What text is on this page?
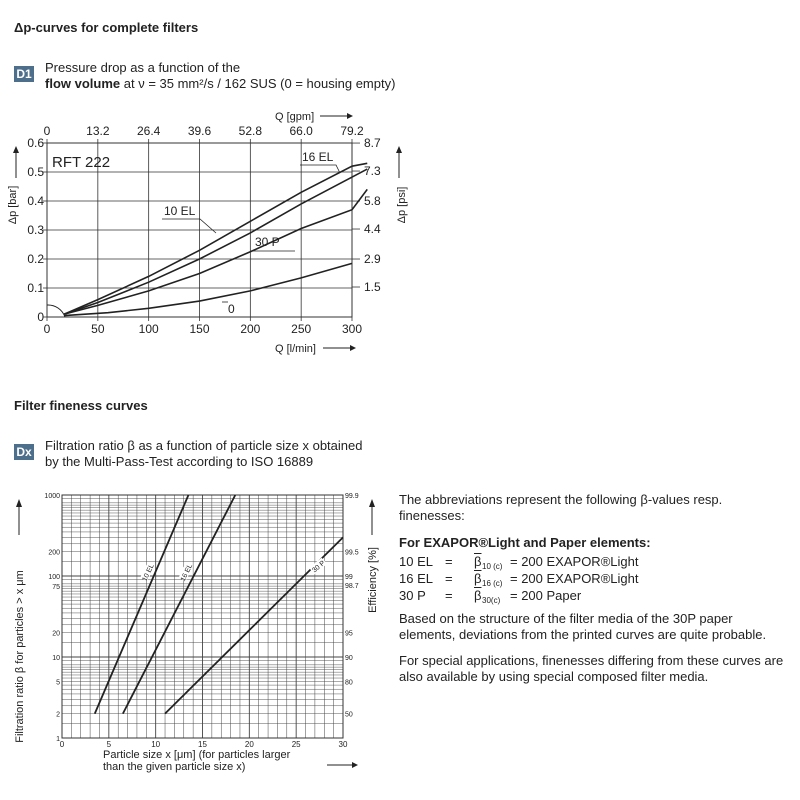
Δp-curves for complete filters
D1 Pressure drop as a function of the
flow volume at ν = 35 mm²/s / 162 SUS (0 = housing empty)
0
0
50
13.2
100
26.4
150
39.6
200
52.8
250
66.0
300
79.2
0
0.1
0.2
0.3
0.4
0.5
0.6
1.5
2.9
4.4
5.8
7.3
8.7
0
30 P
10 EL
16 EL
RFT 222
Q [l/min]
Q [gpm]
Δp [bar]	Δp [psi]
Filter fineness curves
Dx Filtration ratio β as a function of particle size x obtained
by the Multi-Pass-Test according to ISO 16889
0	5	10	15	20	25	30
1
2
5
10
20
75
100
200
1000
50
80
90
95
98.7
99
99.5
99.9
10 EL	16 EL	30 P
Particle size x [μm] (for particles larger
than the given particle size x)
Filtration ratio β for particles > x μm	Efficiency [%]
The abbreviations represent the following β-values resp.
finenesses:
For EXAPOR®Light and Paper elements:
10 EL = $\overline{\beta}$ 10 (c) = 200 EXAPOR®Light
16 EL = $\overline{\beta}$ 16 (c) = 200 EXAPOR®Light
30 $P = \overline{\beta}$ 30(c) = 200 Paper
Based on the structure of the filter media of the 30P paper
elements, deviations from the printed curves are quite probable.
For special applications, finenesses differing from these curves are
also available by using special composed filter media.
